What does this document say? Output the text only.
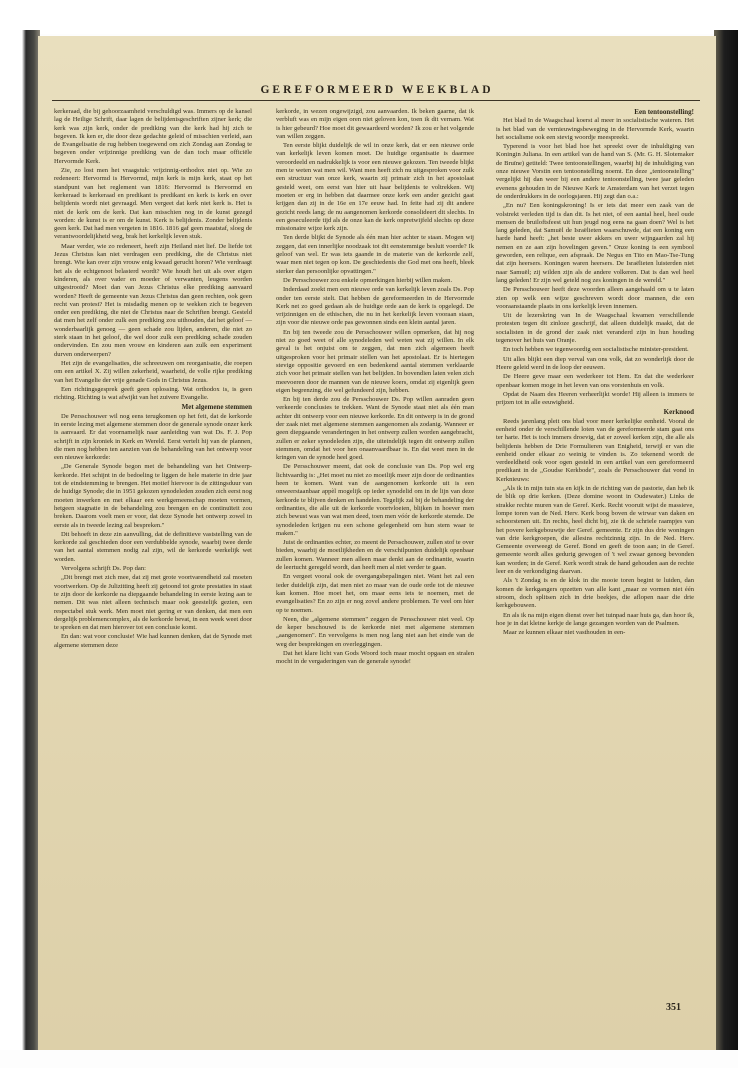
GEREFORMEERD WEEKBLAD

kerkeraad, die bij gehoorzaamheid verschuldigd was. Immers op de kansel lag de Heilige Schrift, daar lagen de belijdenisgeschriften zijner kerk; die kerk was zijn kerk, onder de prediking van die kerk had hij zich te begeven. Ik ken er, die door deze gedachte geleid of misschien verleid, aan de Evangelisatie de rug hebben toegewend om zich Zondag aan Zondag te begeven onder vrijzinnige prediking van de dan toch maar officiële Hervormde Kerk.

Zie, zo lost men het vraagstuk: vrijzinnig-orthodox niet op. Wie zo redeneert: Hervormd is Hervormd, mijn kerk is mijn kerk, staat op het standpunt van het reglement van 1816: Hervormd is Hervormd en kerkeraad is kerkeraad en predikant is predikant en kerk is kerk en over belijdenis wordt niet gevraagd. Men vergeet dat kerk niet kerk is. Het is niet de kerk om de kerk. Dat kan misschien nog in de kunst gezegd worden: de kunst is er om de kunst. Kerk is belijdenis. Zonder belijdenis geen kerk. Dat had men vergeten in 1816. 1816 gaf geen maatstaf, sloeg de verantwoordelijkheid weg, brak het kerkelijk leven stuk.

Maar verder, wie zo redeneert, heeft zijn Heiland niet lief. De liefde tot Jezus Christus kan niet verdragen een prediking, die de Christus niet brengt. Wie kan over zijn vrouw enig kwaad gerucht horen? Wie verdraagt het als de echtgenoot belasterd wordt? Wie houdt het uit als over eigen kinderen, als over vader en moeder of verwanten, leugens worden uitgestrooid? Moet dan van Jezus Christus elke prediking aanvaard worden? Heeft de gemeente van Jezus Christus dan geen rechten, ook geen recht van protest? Het is misdadig menen op te wekken zich te begeven onder een prediking, die niet de Christus naar de Schriften brengt. Gesteld dat men het zelf onder zulk een prediking zou uithouden, dat het geloof — wonderbaarlijk genoeg — geen schade zou lijden, anderen, die niet zo sterk staan in het geloof, die wel door zulk een prediking schade zouden ondervinden. En zou men vrouw en kinderen aan zulk een experiment durven onderwerpen?

Het zijn de evangelisaties, die schreeuwen om reorganisatie, die roepen om een artikel X. Zij willen zekerheid, waarheid, de volle rijke prediking van het Evangelie der vrije genade Gods in Christus Jezus.

Een richtingsgesprek geeft geen oplossing. Wat orthodox is, is geen richting. Richting is wat afwijkt van het zuivere Evangelie.

Met algemene stemmen

De Persschouwer wil nog eens terugkomen op het feit, dat de kerkorde in eerste lezing met algemene stemmen door de generale synode onzer kerk is aanvaard. Er dat voornamelijk naar aanleiding van wat Ds. F. J. Pop schrijft in zijn kroniek in Kerk en Wereld. Eerst vertelt hij van de plannen, die men nog hebben ten aanzien van de behandeling van het ontwerp voor een nieuwe kerkorde:

„De Generale Synode begon met de behandeling van het Ontwerp-kerkorde. Het schijnt in de bedoeling te liggen de hele materie in drie jaar tot de eindstemming te brengen. Het motief hiervoor is de zittingsduur van de huidige Synode; die in 1951 gekozen synodeleden zouden zich eerst nog moeten inwerken en met elkaar een werkgemeenschap moeten vormen, hetgeen stagnatie in de behandeling zou brengen en de continuïteit zou breken. Daarom voelt men er voor, dat deze Synode het ontwerp zowel in eerste als in tweede lezing zal bespreken."

Dit behoeft in deze zin aanvulling, dat de definitieve vaststelling van de kerkorde zal geschieden door een verdubbelde synode, waarbij twee derde van het aantal stemmen nodig zal zijn, wil de kerkorde werkelijk wet worden.

Vervolgens schrijft Ds. Pop dan:

„Dit brengt met zich mee, dat zij met grote voortvarendheid zal moeten voortwerken. Op de Julizitting heeft zij getoond tot grote prestaties in staat te zijn door de kerkorde na diepgaande behandeling in eerste lezing aan te nemen. Dit was niet alleen technisch maar ook geestelijk gezien, een respectabel stuk werk. Men moet niet gering er van denken, dat men een dergelijk problemencomplex, als de kerkorde bevat, in een week weet door te spreken en dat men hierover tot een conclusie komt.

En dan: wat voor conclusie! Wie had kunnen denken, dat de Synode met algemene stemmen deze

kerkorde, in wezen ongewijzigd, zou aanvaarden. Ik beken gaarne, dat ik verbluft was en mijn eigen oren niet geloven kon, toen ik dit vernam. Wat is hier gebeurd? Hoe moet dit gewaardeerd worden? Ik zou er het volgende van willen zeggen.

Ten eerste blijkt duidelijk de wil in onze kerk, dat er een nieuwe orde van kerkelijk leven komen moet. De huidige organisatie is daarmee veroordeeld en nadrukkelijk is voor een nieuwe gekozen. Ten tweede blijkt men te weten wat men wil. Want men heeft zich nu uitgesproken voor zulk een structuur van onze kerk, waarin zij primair zich in het apostolaat gesteld weet, om eerst van hier uit haar belijdenis te voltrekken. Wij moeten er erg in hebben dat daarmee onze kerk een ander gezicht gaat krijgen dan zij in de 16e en 17e eeuw had. In feite had zij dit andere gezicht reeds lang; de nu aangenomen kerkorde consolideert dit slechts. In een geseculeerde tijd als de onze kan de kerk onpretwijfeld slechts op deze missionaire wijze kerk zijn.

Ten derde blijkt de Synode als één man hier achter te staan. Mogen wij zeggen, dat een innerlijke noodzaak tot dit eenstemmige besluit voerde? Ik geloof van wel. Er was iets gaande in de materie van de kerkorde zelf, waar men niet tegen op kon. De geschiedenis die God met ons heeft, bleek sterker dan persoonlijke opvattingen."

De Persschouwer zou enkele opmerkingen hierbij willen maken.

Inderdaad zoekt men een nieuwe orde van kerkelijk leven zoals Ds. Pop onder ten eerste stelt. Dat hebben de gereformeerden in de Hervormde Kerk net zo goed gedaan als de huidige orde aan de kerk is opgelegd. De vrijzinnigen en de ethischen, die nu in het kerkelijk leven vooraan staan, zijn voor die nieuwe orde pas gewonnen sinds een klein aantal jaren.

En bij ten tweede zou de Persschouwer willen opmerken, dat hij nog niet zo goed weet of alle synodeleden wel weten wat zij willen. In elk geval is het onjuist om te zeggen, dat men zich algemeen heeft uitgesproken voor het primair stellen van het apostolaat. Er is hiertegen stevige oppositie gevoerd en een bedenkend aantal stemmen verklaarde zich voor het primair stellen van het belijden. In bovendien laten velen zich meevoeren door de mannen van de nieuwe koers, omdat zij eigenlijk geen eigen begrenzing, die wel gefundeerd zijn, hebben.

En bij ten derde zou de Persschouwer Ds. Pop willen aanraden geen verkeerde conclusies te trekken. Want de Synode staat niet als één man achter dit ontwerp voor een nieuwe kerkorde. En dit ontwerp is in de grond der zaak niet met algemene stemmen aangenomen als zodanig. Wanneer er geen diepgaande veranderingen in het ontwerp zullen worden aangebracht, zullen er zeker synodeleden zijn, die uiteindelijk tegen dit ontwerp zullen stemmen, omdat het voor hen onaanvaardbaar is. En dat weet men in de kringen van de synode heel goed.

De Persschouwer meent, dat ook de conclusie van Ds. Pop wel erg lichtvaardig is: „Het moet nu niet zo moeilijk meer zijn door de ordinanties heen te komen. Want van de aangenomen kerkorde uit is een onweerstaanbaar appèl mogelijk op ieder synodelid om in de lijn van deze kerkorde te blijven denken en handelen. Tegelijk zal bij de behandeling der ordinanties, die alle uit de kerkorde voortvloeien, blijken in hoever men zich bewust was van wat men deed, toen men vóór de kerkorde stemde. De synodeleden krijgen nu een schone gelegenheid om hun stem waar te maken."

Juist de ordinanties echter, zo meent de Persschouwer, zullen stof te over bieden, waarbij de moeilijkheden en de verschilpunten duidelijk openbaar zullen komen. Wanneer men alleen maar denkt aan de ordinantie, waarin de leertucht geregeld wordt, dan heeft men al niet verder te gaan.

En vergeet vooral ook de overgangsbepalingen niet. Want het zal een ieder duidelijk zijn, dat men niet zo maar van de oude orde tot de nieuwe kan komen. Hoe moet het, om maar eens iets te noemen, met de evangelisaties? En zo zijn er nog zovel andere problemen. Te veel om hier op te noemen.

Neen, die „algemene stemmen" zeggen de Persschouwer niet veel. Op de keper beschouwd is de kerkorde niet met algemene stemmen „aangenomen". En vervolgens is men nog lang niet aan het einde van de weg der besprekingen en overleggingen.

Dat het klare licht van Gods Woord toch maar mocht opgaan en stralen mocht in de vergaderingen van de generale synode!

Een tentoonstelling!

Het blad In de Waagschaal koerst al meer in socialistische wateren. Het is het blad van de vernieuwingsbeweging in de Hervormde Kerk, waarin het socialisme ook een stevig woordje meespreekt.

Typerend is voor het blad hoe het spreekt over de inhuldiging van Koningin Juliana. In een artikel van de hand van S. (Mr. G. H. Slotemaker de Bruïne) getiteld: Twee tentoonstellingen, waarbij hij de inhuldiging van onze nieuwe Vorstin een tentoonstelling noemt. En deze „tentoonstelling" vergelijkt hij dan weer bij een andere tentoonstelling, twee jaar geleden evenens gehouden in de Nieuwe Kerk te Amsterdam van het verzet tegen de onderdrukkers in de oorlogsjaren. Hij zegt dan o.a.:

„En nu? Een koningskroning! Is er iets dat meer een zaak van de volstrekt verleden tijd is dan dit. Is het niet, of een aantal heel, heel oude mensen de bruiloftsfeest uit hun jeugd nog eens na gaan doen? Wel is het lang geleden, dat Samuël de Israëlieten waarschuwde, dat een koning een harde hand heeft: „het beste uwer akkers en uwer wijngaarden zal hij nemen en ze aan zijn hovelingen geven." Onze koning is een symbool geworden, een relique, een afspraak. De Negus en Tito en Mao-Tse-Tung dat zijn heersers. Koningen waren heersers. De Israëlieten luisterden niet naar Samuël; zij wilden zijn als de andere volkeren. Dat is dan wel heel lang geleden! Er zijn wel geteld nog zes koningen in de wereld."

De Persschouwer heeft deze woorden alleen aangehaald om u te laten zien op welk een wijze geschreven wordt door mannen, die een vooraanstaande plaats in ons kerkelijk leven innemen.

Uit de lezerskring van In de Waagschaal kwamen verschillende protesten tegen dit zinloze geschrijf, dat alleen duidelijk maakt, dat de socialisten in de grond der zaak niet veranderd zijn in hun houding tegenover het huis van Oranje.

En toch hebben we tegenwoordig een socialistische minister-president.

Uit alles blijkt een diep verval van ons volk, dat zo wonderlijk door de Heere geleid werd in de loop der eeuwen.

De Heere geve maar een wederkeer tot Hem. En dat die wederkeer openbaar komen moge in het leven van ons vorstenhuis en volk.

Opdat de Naam des Heeren verheerlijkt worde! Hij alleen is immers te prijzen tot in alle eeuwigheid.

Kerknood

Reeds jarenlang pleit ons blad voor meer kerkelijke eenheid. Vooral de eenheid onder de verschillende loten van de gereformeerde stam gaat ons ter harte. Het is toch immers droevig, dat er zoveel kerken zijn, die alle als belijdenis hebben de Drie Formulieren van Enigheid, terwijl er van die eenheid onder elkaar zo weinig te vinden is. Zo tekenend wordt de verdeeldheid ook voor ogen gesteld in een artikel van een gereformeerd predikant in de „Goudse Kerkbode", zoals de Persschouwer dat vond in Kerknieuws:

„Als ik in mijn tuin sta en kijk in de richting van de pastorie, dan heb ik de blik op drie kerken. (Deze domine woont in Oudewater.) Links de strakke rechte muren van de Geref. Kerk. Recht vooruit wijst de massieve, lompe toren van de Ned. Herv. Kerk boog boven de wirwar van daken en schoorstenen uit. En rechts, heel dicht bij, zie ik de schriele raampjes van het povere kerkgebouwtje der Geref. gemeente. Er zijn dus drie woningen van drie kerkgroepen, die allesins rechtzinnig zijn. In de Ned. Herv. Gemeente overweegt de Geref. Bond en geeft de toon aan; in de Geref. gemeente wordt alles gedurig gewogen of 't wel zwaar genoeg bevonden kan worden; in de Geref. Kerk wordt strak de hand gehouden aan de rechte leer en de verkondiging daarvan.

Als 't Zondag is en de klok in die mooie toren begint te luiden, dan komen de kerkgangers opzetten van alle kant „maar ze vormen niet één stroom, doch splitsen zich in drie beekjes, die aflopen naar die drie kerkgebouwen.

En als ik na mijn eigen dienst over het tuinpad naar huis ga, dan hoor ik, hoe je in dat kleine kerkje de lange gezangen worden van de Psalmen.

Maar ze kunnen elkaar niet vasthouden in een-

351
